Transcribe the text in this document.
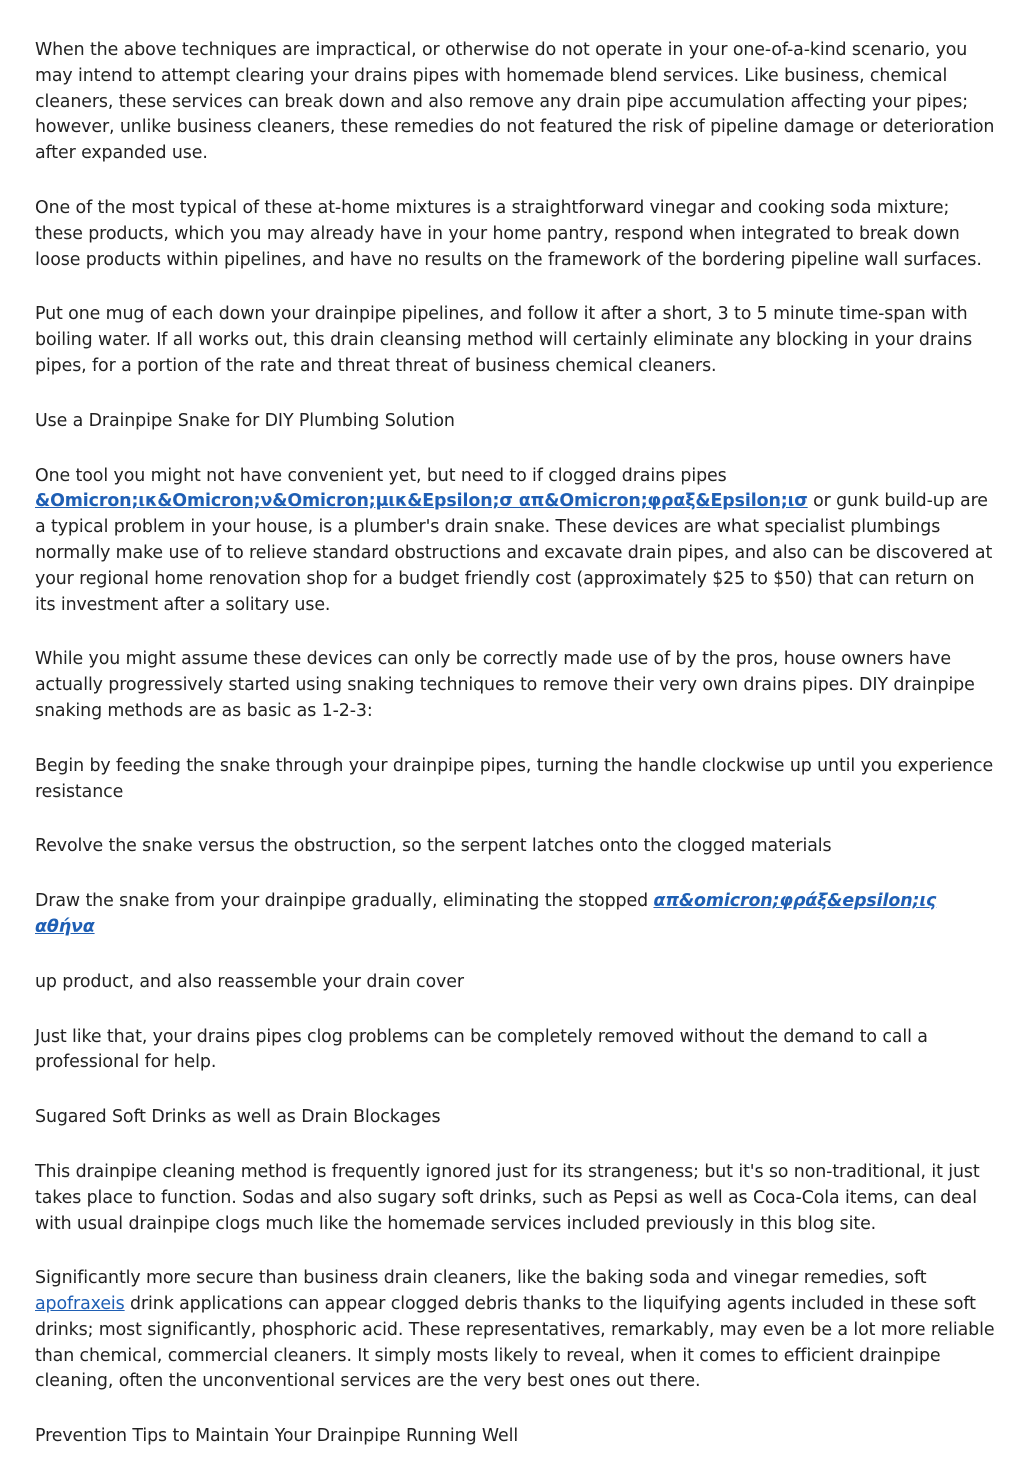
When the above techniques are impractical, or otherwise do not operate in your one-of-a-kind scenario, you may intend to attempt clearing your drains pipes with homemade blend services. Like business, chemical cleaners, these services can break down and also remove any drain pipe accumulation affecting your pipes; however, unlike business cleaners, these remedies do not featured the risk of pipeline damage or deterioration after expanded use.

One of the most typical of these at-home mixtures is a straightforward vinegar and cooking soda mixture; these products, which you may already have in your home pantry, respond when integrated to break down loose products within pipelines, and have no results on the framework of the bordering pipeline wall surfaces.

Put one mug of each down your drainpipe pipelines, and follow it after a short, 3 to 5 minute time-span with boiling water. If all works out, this drain cleansing method will certainly eliminate any blocking in your drains pipes, for a portion of the rate and threat threat of business chemical cleaners.

Use a Drainpipe Snake for DIY Plumbing Solution

One tool you might not have convenient yet, but need to if clogged drains pipes &Omicron;ικ&Omicron;ν&Omicron;μικ&Epsilon;σ απ&Omicron;φραξ&Epsilon;ισ or gunk build-up are a typical problem in your house, is a plumber's drain snake. These devices are what specialist plumbings normally make use of to relieve standard obstructions and excavate drain pipes, and also can be discovered at your regional home renovation shop for a budget friendly cost (approximately $25 to $50) that can return on its investment after a solitary use.

While you might assume these devices can only be correctly made use of by the pros, house owners have actually progressively started using snaking techniques to remove their very own drains pipes. DIY drainpipe snaking methods are as basic as 1-2-3:

Begin by feeding the snake through your drainpipe pipes, turning the handle clockwise up until you experience resistance

Revolve the snake versus the obstruction, so the serpent latches onto the clogged materials

Draw the snake from your drainpipe gradually, eliminating the stopped απ&omicron;φράξ&epsilon;ις αθήνα

up product, and also reassemble your drain cover

Just like that, your drains pipes clog problems can be completely removed without the demand to call a professional for help.

Sugared Soft Drinks as well as Drain Blockages

This drainpipe cleaning method is frequently ignored just for its strangeness; but it's so non-traditional, it just takes place to function. Sodas and also sugary soft drinks, such as Pepsi as well as Coca-Cola items, can deal with usual drainpipe clogs much like the homemade services included previously in this blog site.

Significantly more secure than business drain cleaners, like the baking soda and vinegar remedies, soft apofraxeis drink applications can appear clogged debris thanks to the liquifying agents included in these soft drinks; most significantly, phosphoric acid. These representatives, remarkably, may even be a lot more reliable than chemical, commercial cleaners. It simply mosts likely to reveal, when it comes to efficient drainpipe cleaning, often the unconventional services are the very best ones out there.

Prevention Tips to Maintain Your Drainpipe Running Well
